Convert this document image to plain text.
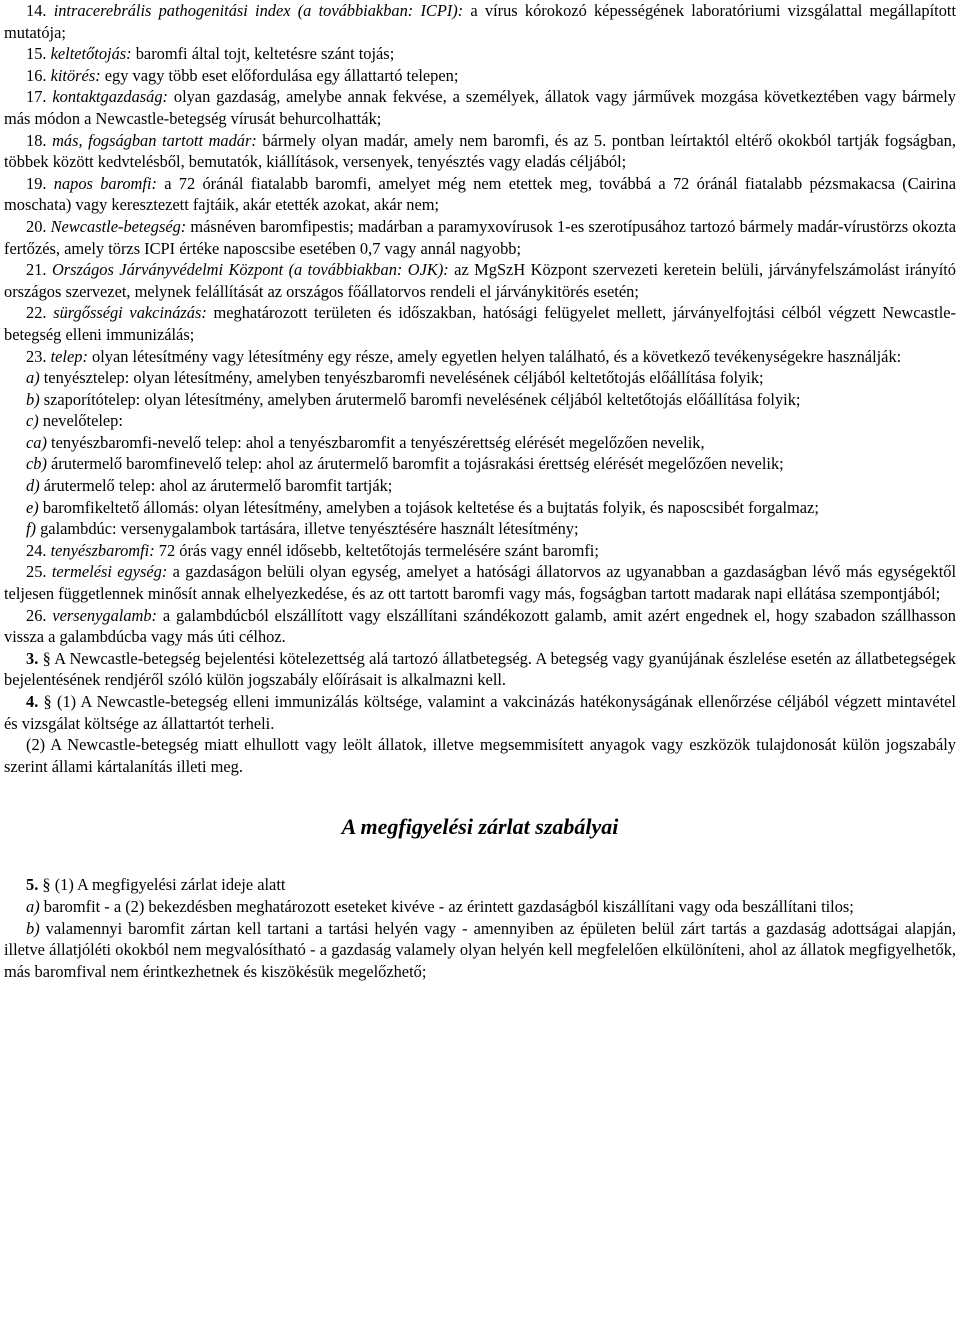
14. intracerebrális pathogenitási index (a továbbiakban: ICPI): a vírus kórokozó képességének laboratóriumi vizsgálattal megállapított mutatója;

15. keltetőtojás: baromfi által tojt, keltetésre szánt tojás;

16. kitörés: egy vagy több eset előfordulása egy állattartó telepen;

17. kontaktgazdaság: olyan gazdaság, amelybe annak fekvése, a személyek, állatok vagy járművek mozgása következtében vagy bármely más módon a Newcastle-betegség vírusát behurcolhatták;

18. más, fogságban tartott madár: bármely olyan madár, amely nem baromfi, és az 5. pontban leírtaktól eltérő okokból tartják fogságban, többek között kedvtelésből, bemutatók, kiállítások, versenyek, tenyésztés vagy eladás céljából;

19. napos baromfi: a 72 óránál fiatalabb baromfi, amelyet még nem etettek meg, továbbá a 72 óránál fiatalabb pézsmakacsa (Cairina moschata) vagy keresztezett fajtáik, akár etették azokat, akár nem;

20. Newcastle-betegség: másnéven baromfipestis; madárban a paramyxovírusok 1-es szerotípusához tartozó bármely madár-vírustörzs okozta fertőzés, amely törzs ICPI értéke naposcsibe esetében 0,7 vagy annál nagyobb;

21. Országos Járványvédelmi Központ (a továbbiakban: OJK): az MgSzH Központ szervezeti keretein belüli, járványfelszámolást irányító országos szervezet, melynek felállítását az országos főállatorvos rendeli el járványkitörés esetén;

22. sürgősségi vakcinázás: meghatározott területen és időszakban, hatósági felügyelet mellett, járványelfojtási célból végzett Newcastle-betegség elleni immunizálás;

23. telep: olyan létesítmény vagy létesítmény egy része, amely egyetlen helyen található, és a következő tevékenységekre használják:

a) tenyésztelep: olyan létesítmény, amelyben tenyészbaromfi nevelésének céljából keltetőtojás előállítása folyik;

b) szaporítótelep: olyan létesítmény, amelyben árutermelő baromfi nevelésének céljából keltetőtojás előállítása folyik;

c) nevelőtelep:

ca) tenyészbaromfi-nevelő telep: ahol a tenyészbaromfit a tenyészérettség elérését megelőzően nevelik,

cb) árutermelő baromfinevelő telep: ahol az árutermelő baromfit a tojásrakási érettség elérését megelőzően nevelik;

d) árutermelő telep: ahol az árutermelő baromfit tartják;

e) baromfikeltető állomás: olyan létesítmény, amelyben a tojások keltetése és a bujtatás folyik, és naposcsibét forgalmaz;

f) galambdúc: versenygalambok tartására, illetve tenyésztésére használt létesítmény;

24. tenyészbaromfi: 72 órás vagy ennél idősebb, keltetőtojás termelésére szánt baromfi;

25. termelési egység: a gazdaságon belüli olyan egység, amelyet a hatósági állatorvos az ugyanabban a gazdaságban lévő más egységektől teljesen függetlennek minősít annak elhelyezkedése, és az ott tartott baromfi vagy más, fogságban tartott madarak napi ellátása szempontjából;

26. versenygalamb: a galambdúcból elszállított vagy elszállítani szándékozott galamb, amit azért engednek el, hogy szabadon szállhasson vissza a galambdúcba vagy más úti célhoz.

3. § A Newcastle-betegség bejelentési kötelezettség alá tartozó állatbetegség. A betegség vagy gyanújának észlelése esetén az állatbetegségek bejelentésének rendjéről szóló külön jogszabály előírásait is alkalmazni kell.

4. § (1) A Newcastle-betegség elleni immunizálás költsége, valamint a vakcinázás hatékonyságának ellenőrzése céljából végzett mintavétel és vizsgálat költsége az állattartót terheli.

(2) A Newcastle-betegség miatt elhullott vagy leölt állatok, illetve megsemmisített anyagok vagy eszközök tulajdonosát külön jogszabály szerint állami kártalanítás illeti meg.

A megfigyelési zárlat szabályai

5. § (1) A megfigyelési zárlat ideje alatt

a) baromfit - a (2) bekezdésben meghatározott eseteket kivéve - az érintett gazdaságból kiszállítani vagy oda beszállítani tilos;

b) valamennyi baromfit zártan kell tartani a tartási helyén vagy - amennyiben az épületen belül zárt tartás a gazdaság adottságai alapján, illetve állatjóléti okokból nem megvalósítható - a gazdaság valamely olyan helyén kell megfelelően elkülöníteni, ahol az állatok megfigyelhetők, más baromfival nem érintkezhetnek és kiszökésük megelőzhető;
